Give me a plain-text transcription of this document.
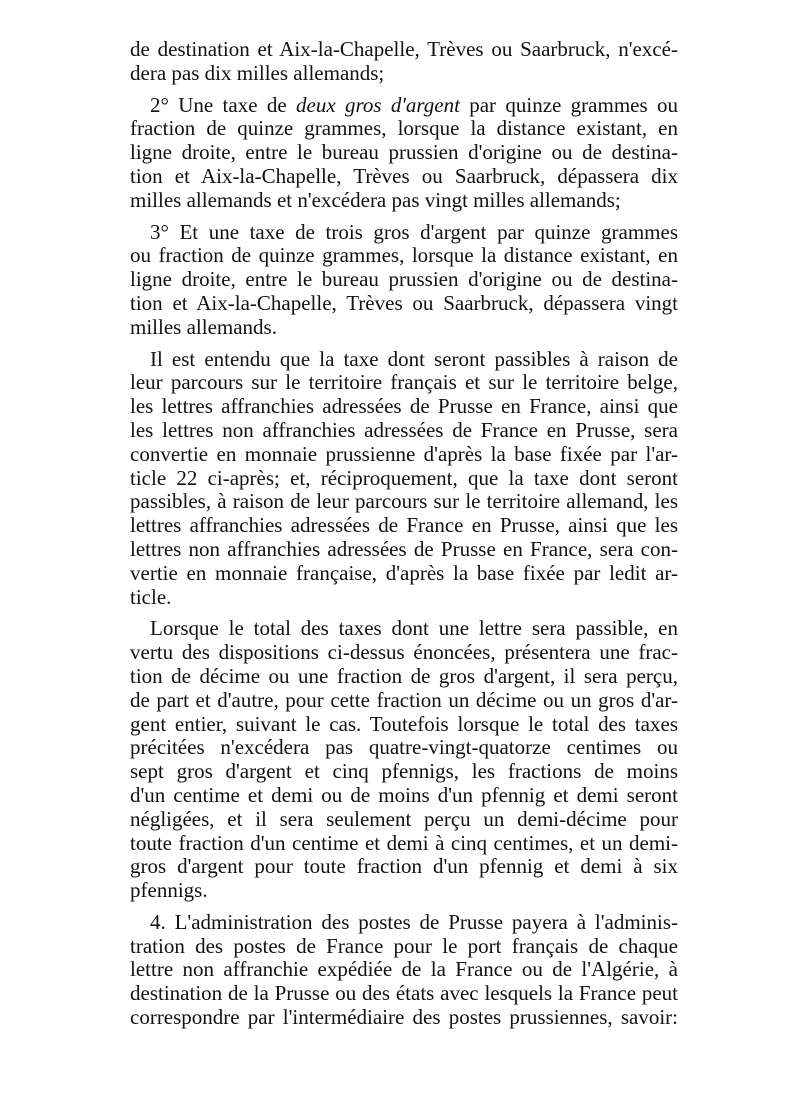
de destination et Aix-la-Chapelle, Trèves ou Saarbruck, n'excé-
dera pas dix milles allemands;
2° Une taxe de deux gros d'argent par quinze grammes ou
fraction de quinze grammes, lorsque la distance existant, en
ligne droite, entre le bureau prussien d'origine ou de destina-
tion et Aix-la-Chapelle, Trèves ou Saarbruck, dépassera dix
milles allemands et n'excédera pas vingt milles allemands;
3° Et une taxe de trois gros d'argent par quinze grammes
ou fraction de quinze grammes, lorsque la distance existant, en
ligne droite, entre le bureau prussien d'origine ou de destina-
tion et Aix-la-Chapelle, Trèves ou Saarbruck, dépassera vingt
milles allemands.
Il est entendu que la taxe dont seront passibles à raison de
leur parcours sur le territoire français et sur le territoire belge,
les lettres affranchies adressées de Prusse en France, ainsi que
les lettres non affranchies adressées de France en Prusse, sera
convertie en monnaie prussienne d'après la base fixée par l'ar-
ticle 22 ci-après; et, réciproquement, que la taxe dont seront
passibles, à raison de leur parcours sur le territoire allemand, les
lettres affranchies adressées de France en Prusse, ainsi que les
lettres non affranchies adressées de Prusse en France, sera con-
vertie en monnaie française, d'après la base fixée par ledit ar-
ticle.
Lorsque le total des taxes dont une lettre sera passible, en
vertu des dispositions ci-dessus énoncées, présentera une frac-
tion de décime ou une fraction de gros d'argent, il sera perçu,
de part et d'autre, pour cette fraction un décime ou un gros d'ar-
gent entier, suivant le cas. Toutefois lorsque le total des taxes
précitées n'excédera pas quatre-vingt-quatorze centimes ou
sept gros d'argent et cinq pfennigs, les fractions de moins
d'un centime et demi ou de moins d'un pfennig et demi seront
négligées, et il sera seulement perçu un demi-décime pour
toute fraction d'un centime et demi à cinq centimes, et un demi-
gros d'argent pour toute fraction d'un pfennig et demi à six
pfennigs.
4. L'administration des postes de Prusse payera à l'adminis-
tration des postes de France pour le port français de chaque
lettre non affranchie expédiée de la France ou de l'Algérie, à
destination de la Prusse ou des états avec lesquels la France peut
correspondre par l'intermédiaire des postes prussiennes, savoir:
